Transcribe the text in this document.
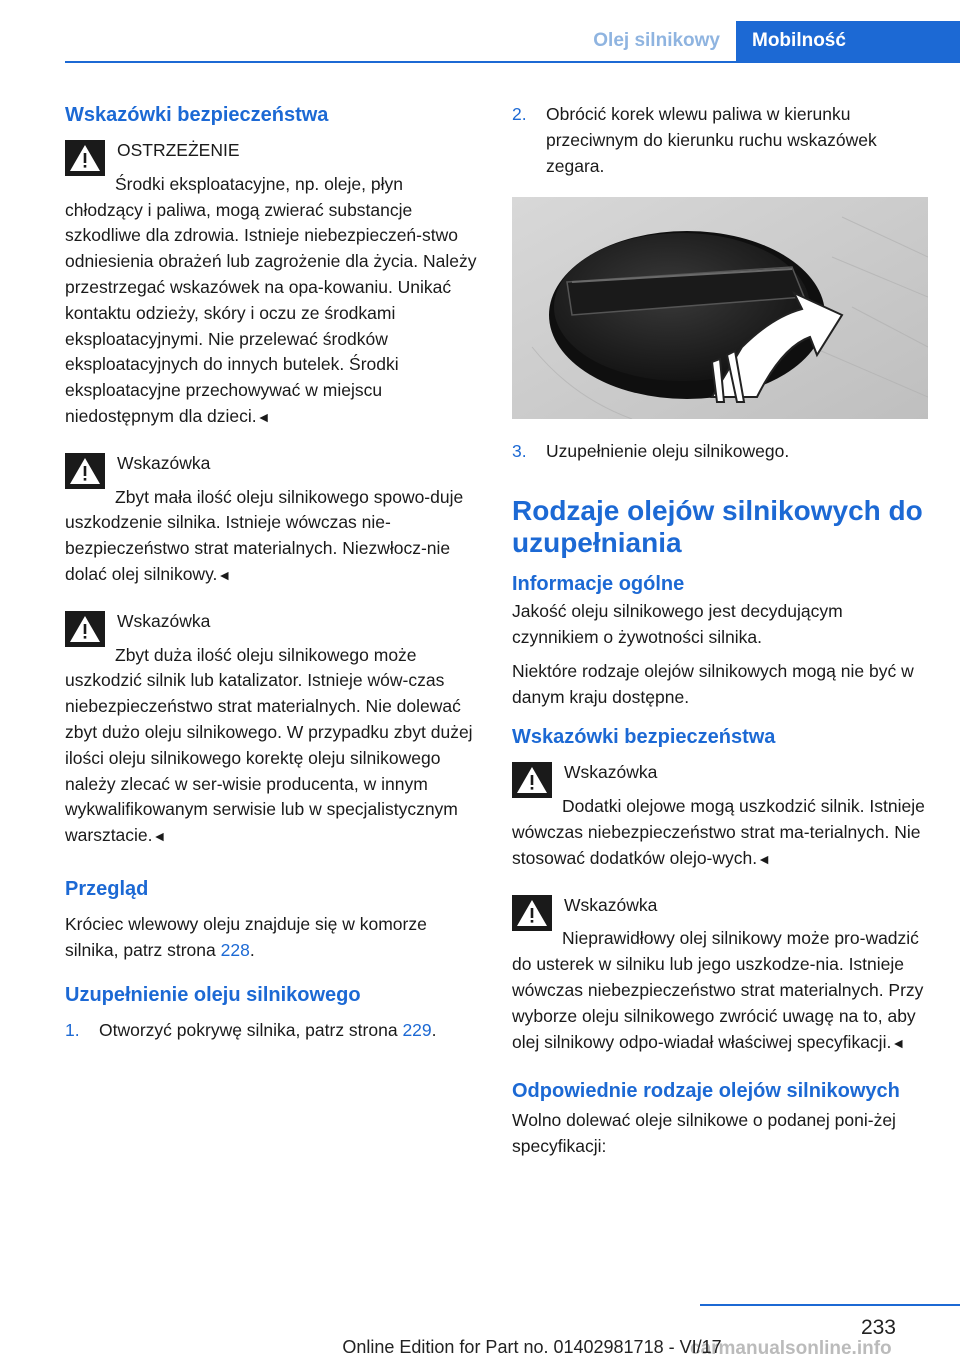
Olej silnikowy	Mobilność
Wskazówki bezpieczeństwa
OSTRZEŻENIE
Środki eksploatacyjne, np. oleje, płyn chłodzący i paliwa, mogą zwierać substancje szkodliwe dla zdrowia. Istnieje niebezpieczeń-stwo odniesienia obrażeń lub zagrożenie dla życia. Należy przestrzegać wskazówek na opa-kowaniu. Unikać kontaktu odzieży, skóry i oczu ze środkami eksploatacyjnymi. Nie przelewać środków eksploatacyjnych do innych butelek. Środki eksploatacyjne przechowywać w miejscu niedostępnym dla dzieci.◄
Wskazówka
Zbyt mała ilość oleju silnikowego spowo-duje uszkodzenie silnika. Istnieje wówczas nie-bezpieczeństwo strat materialnych. Niezwłocz-nie dolać olej silnikowy.◄
Wskazówka
Zbyt duża ilość oleju silnikowego może uszkodzić silnik lub katalizator. Istnieje wów-czas niebezpieczeństwo strat materialnych. Nie dolewać zbyt dużo oleju silnikowego. W przypadku zbyt dużej ilości oleju silnikowego korektę oleju silnikowego należy zlecać w ser-wisie producenta, w innym wykwalifikowanym serwisie lub w specjalistycznym warsztacie.◄
Przegląd
Króciec wlewowy oleju znajduje się w komorze silnika, patrz strona 228.
Uzupełnienie oleju silnikowego
1.	Otworzyć pokrywę silnika, patrz strona 229.
2.	Obrócić korek wlewu paliwa w kierunku przeciwnym do kierunku ruchu wskazówek zegara.
3.	Uzupełnienie oleju silnikowego.
Rodzaje olejów silnikowych do uzupełniania
Informacje ogólne
Jakość oleju silnikowego jest decydującym czynnikiem o żywotności silnika.
Niektóre rodzaje olejów silnikowych mogą nie być w danym kraju dostępne.
Wskazówki bezpieczeństwa
Wskazówka
Dodatki olejowe mogą uszkodzić silnik. Istnieje wówczas niebezpieczeństwo strat ma-terialnych. Nie stosować dodatków olejo-wych.◄
Wskazówka
Nieprawidłowy olej silnikowy może pro-wadzić do usterek w silniku lub jego uszkodze-nia. Istnieje wówczas niebezpieczeństwo strat materialnych. Przy wyborze oleju silnikowego zwrócić uwagę na to, aby olej silnikowy odpo-wiadał właściwej specyfikacji.◄
Odpowiednie rodzaje olejów silnikowych
Wolno dolewać oleje silnikowe o podanej poni-żej specyfikacji:
233
carmanualsonline.info
Online Edition for Part no. 01402981718 - VI/17
